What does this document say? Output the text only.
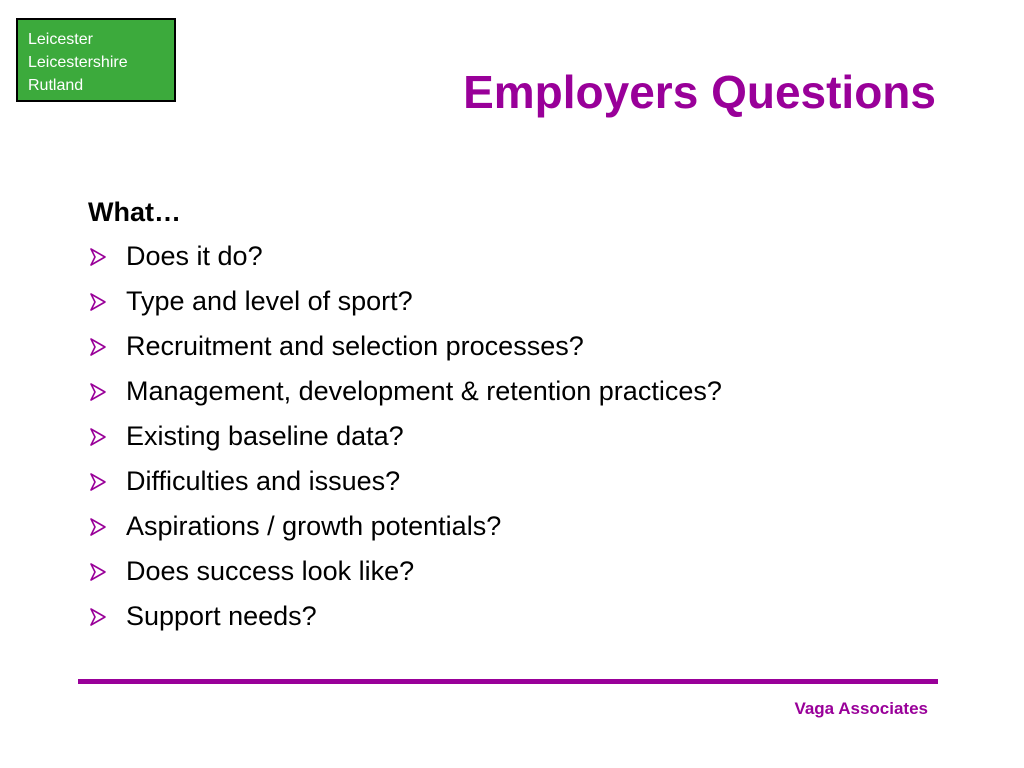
Leicester
Leicestershire
Rutland	Employers Questions
What…
Does it do?
Type and level of sport?
Recruitment and selection processes?
Management, development & retention practices?
Existing baseline data?
Difficulties and issues?
Aspirations / growth potentials?
Does success look like?
Support needs?
Vaga Associates
